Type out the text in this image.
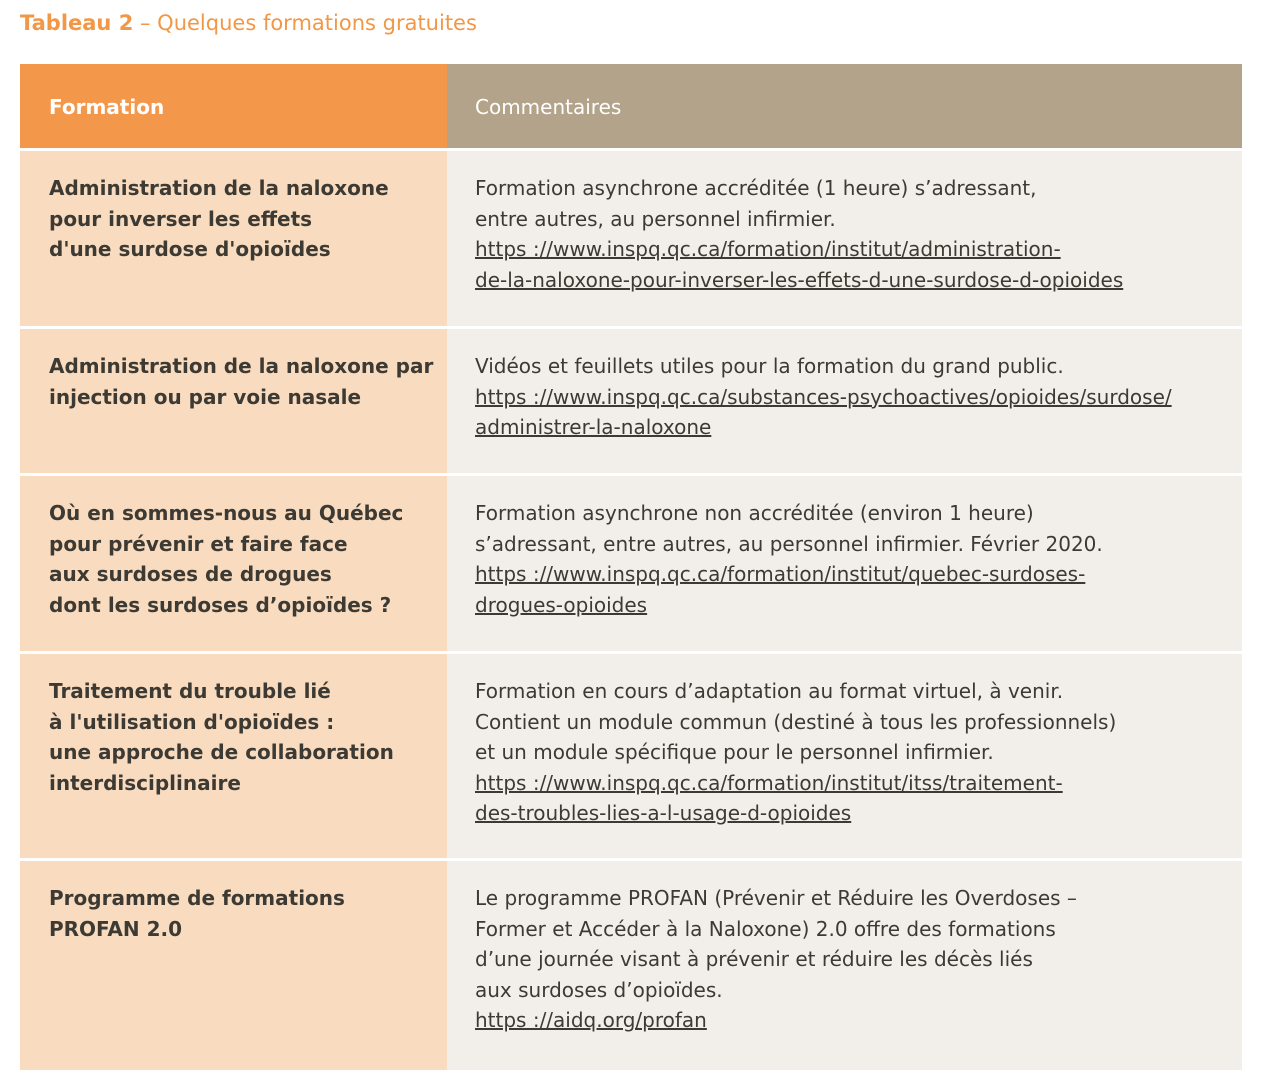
Tableau 2 – Quelques formations gratuites
Formation	Commentaires
Administration de la naloxone
pour inverser les effets
d'une surdose d'opioïdes
Formation asynchrone accréditée (1 heure) s’adressant,
entre autres, au personnel infirmier.
https ://www.inspq.qc.ca/formation/institut/administration-
de-la-naloxone-pour-inverser-les-effets-d-une-surdose-d-opioides
Administration de la naloxone par
injection ou par voie nasale
Vidéos et feuillets utiles pour la formation du grand public.
https ://www.inspq.qc.ca/substances-psychoactives/opioides/surdose/
administrer-la-naloxone
Où en sommes-nous au Québec
pour prévenir et faire face
aux surdoses de drogues
dont les surdoses d’opioïdes ?
Formation asynchrone non accréditée (environ 1 heure)
s’adressant, entre autres, au personnel infirmier. Février 2020.
https ://www.inspq.qc.ca/formation/institut/quebec-surdoses-
drogues-opioides
Traitement du trouble lié
à l'utilisation d'opioïdes :
une approche de collaboration
interdisciplinaire
Formation en cours d’adaptation au format virtuel, à venir.
Contient un module commun (destiné à tous les professionnels)
et un module spécifique pour le personnel infirmier.
https ://www.inspq.qc.ca/formation/institut/itss/traitement-
des-troubles-lies-a-l-usage-d-opioides
Programme de formations
PROFAN 2.0
Le programme PROFAN (Prévenir et Réduire les Overdoses –
Former et Accéder à la Naloxone) 2.0 offre des formations
d’une journée visant à prévenir et réduire les décès liés
aux surdoses d’opioïdes.
https ://aidq.org/profan
